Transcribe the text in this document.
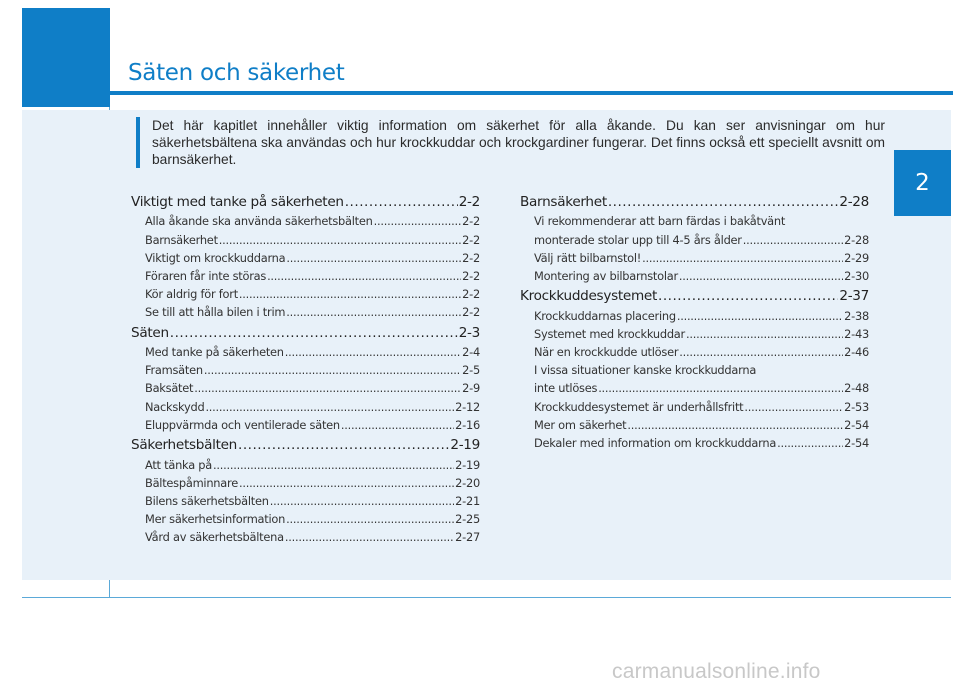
Säten och säkerhet
2

Det här kapitlet innehåller viktig information om säkerhet för alla åkande. Du kan ser anvisningar om hur säkerhetsbältena ska användas och hur krockkuddar och krockgardiner fungerar. Det finns också ett speciellt avsnitt om barnsäkerhet.

Viktigt med tanke på säkerheten .....	2-2
Alla åkande ska använda säkerhetsbälten .....	2-2
Barnsäkerhet .....	2-2
Viktigt om krockkuddarna .....	2-2
Föraren får inte störas .....	2-2
Kör aldrig för fort .....	2-2
Se till att hålla bilen i trim .....	2-2
Säten .....	2-3
Med tanke på säkerheten .....	2-4
Framsäten .....	2-5
Baksätet .....	2-9
Nackskydd .....	2-12
Eluppvärmda och ventilerade säten .....	2-16
Säkerhetsbälten .....	2-19
Att tänka på .....	2-19
Bältespåminnare .....	2-20
Bilens säkerhetsbälten .....	2-21
Mer säkerhetsinformation .....	2-25
Vård av säkerhetsbältena .....	2-27
Barnsäkerhet .....	2-28
Vi rekommenderar att barn färdas i bakåtvänt
monterade stolar upp till 4-5 års ålder .....	2-28
Välj rätt bilbarnstol! .....	2-29
Montering av bilbarnstolar .....	2-30
Krockkuddesystemet .....	2-37
Krockkuddarnas placering .....	2-38
Systemet med krockkuddar .....	2-43
När en krockkudde utlöser .....	2-46
I vissa situationer kanske krockkuddarna
inte utlöses .....	2-48
Krockkuddesystemet är underhållsfritt .....	2-53
Mer om säkerhet .....	2-54
Dekaler med information om krockkuddarna .....	2-54
carmanualsonline.info
